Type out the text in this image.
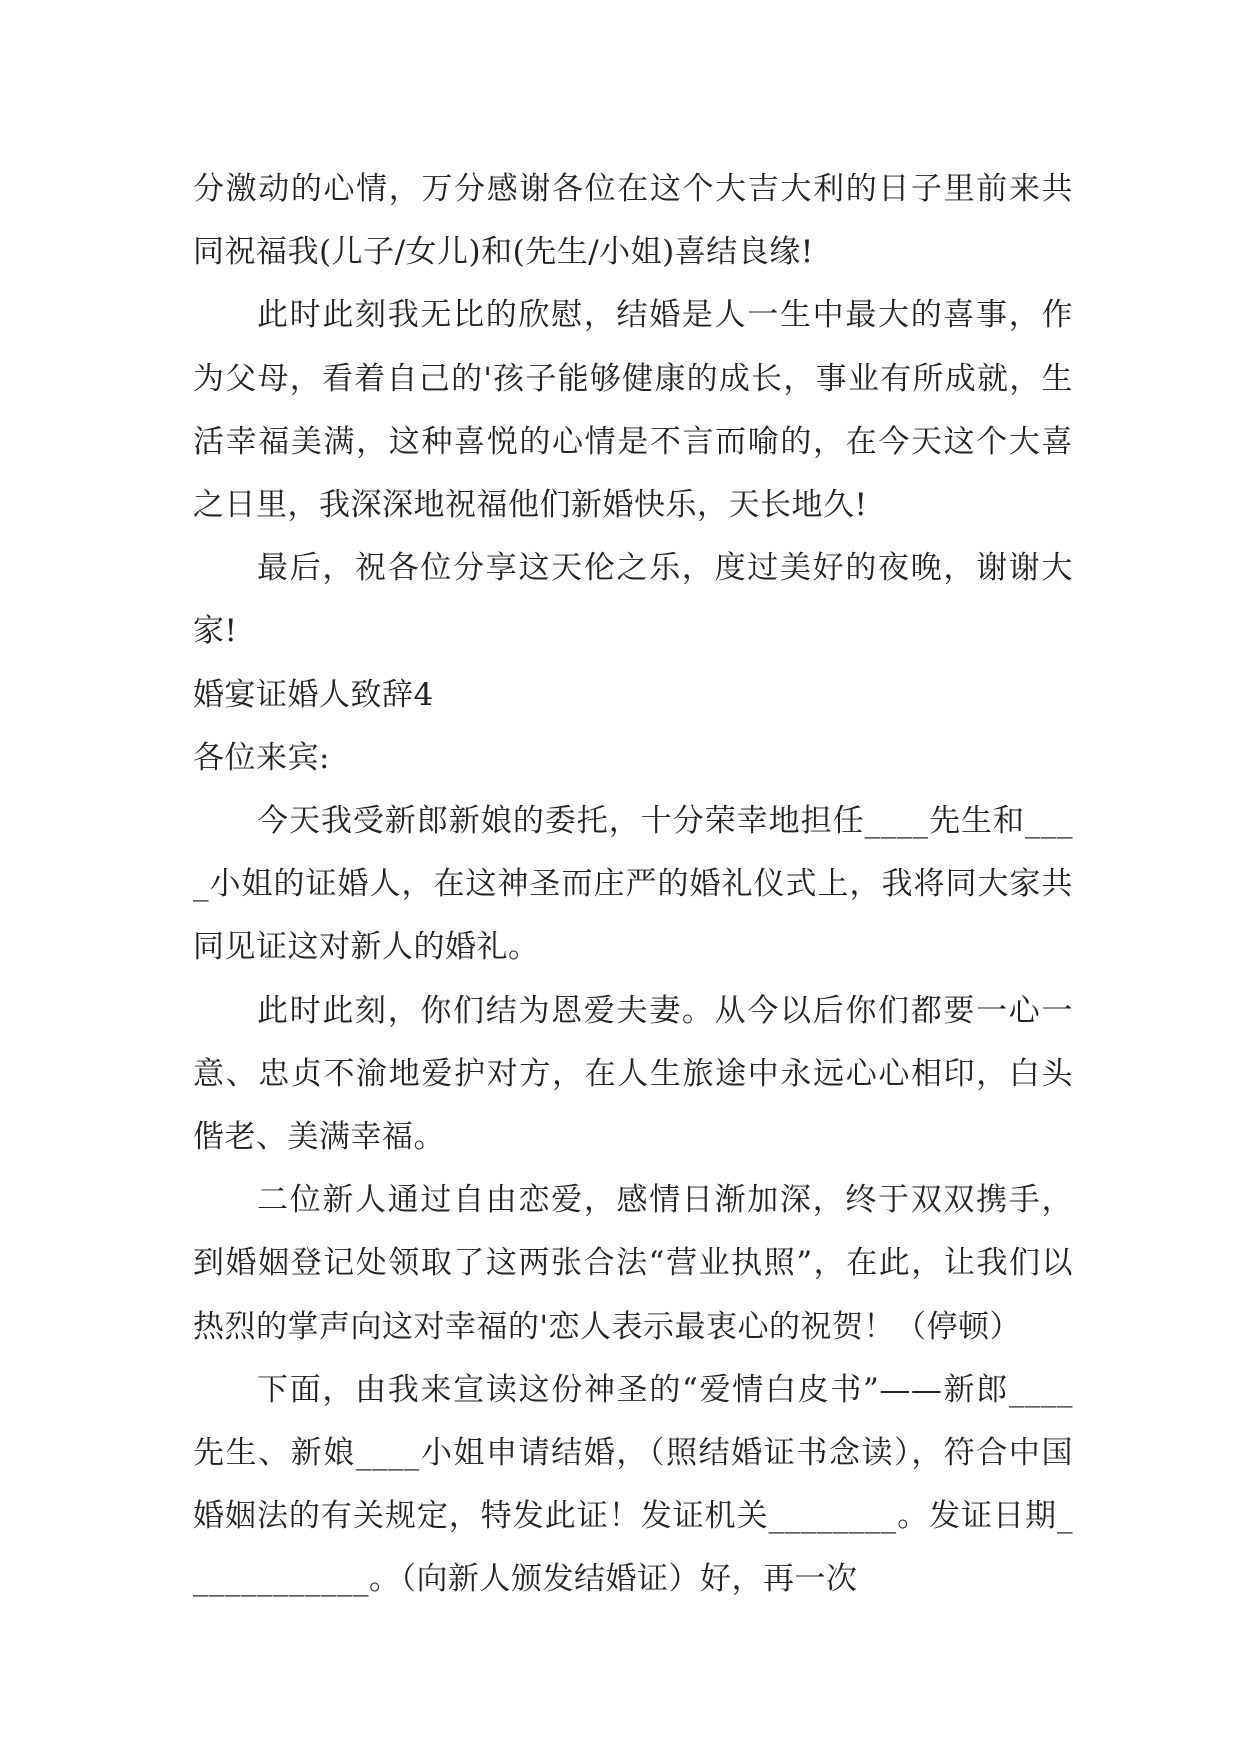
分激动的心情，万分感谢各位在这个大吉大利的日子里前来共同祝福我(儿子/女儿)和(先生/小姐)喜结良缘!

此时此刻我无比的欣慰，结婚是人一生中最大的喜事，作为父母，看着自己的'孩子能够健康的成长，事业有所成就，生活幸福美满，这种喜悦的心情是不言而喻的，在今天这个大喜之日里，我深深地祝福他们新婚快乐，天长地久!

最后，祝各位分享这天伦之乐，度过美好的夜晚，谢谢大家!

婚宴证婚人致辞4

各位来宾:

今天我受新郎新娘的委托，十分荣幸地担任____先生和____小姐的证婚人，在这神圣而庄严的婚礼仪式上，我将同大家共同见证这对新人的婚礼。

此时此刻，你们结为恩爱夫妻。从今以后你们都要一心一意、忠贞不渝地爱护对方，在人生旅途中永远心心相印，白头偕老、美满幸福。

二位新人通过自由恋爱，感情日渐加深，终于双双携手，到婚姻登记处领取了这两张合法“营业执照”，在此，让我们以热烈的掌声向这对幸福的'恋人表示最衷心的祝贺！（停顿）

下面，由我来宣读这份神圣的“爱情白皮书”——新郎____先生、新娘____小姐申请结婚，（照结婚证书念读），符合中国婚姻法的有关规定，特发此证！发证机关________。发证日期____________。（向新人颁发结婚证）好，再一次
